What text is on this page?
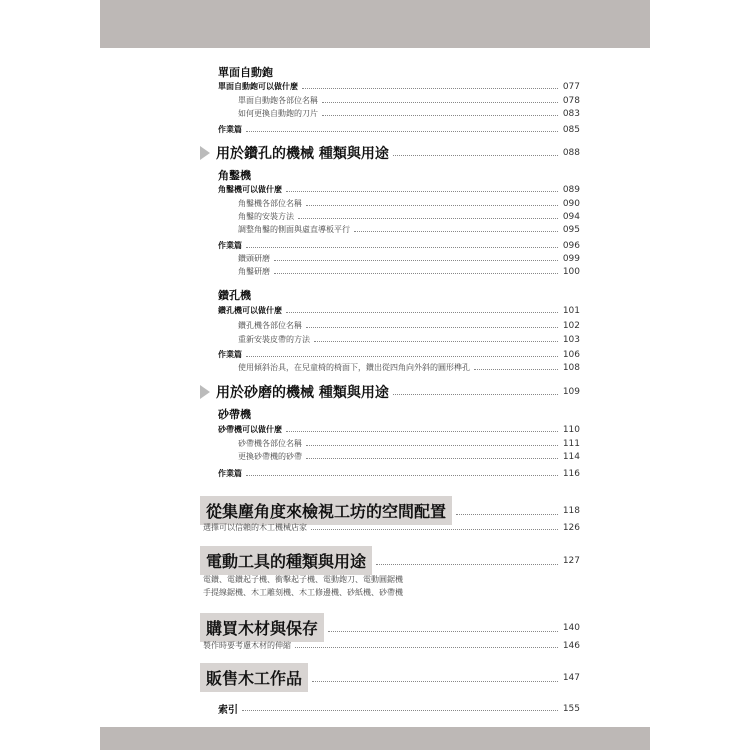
單面自動鉋
單面自動鉋可以做什麼	077
單面自動鉋各部位名稱	078
如何更換自動鉋的刀片	083
作業篇	085
用於鑽孔的機械 種類與用途	088
角鑿機
角鑿機可以做什麼	089
角鑿機各部位名稱	090
角鑿的安裝方法	094
調整角鑿的側面與虛直導板平行	095
作業篇	096
鑽頭研磨	099
角鑿研磨	100
鑽孔機
鑽孔機可以做什麼	101
鑽孔機各部位名稱	102
重新安裝皮帶的方法	103
作業篇	106
使用傾斜治具，在兒童椅的椅面下，鑽出從四角向外斜的圓形榫孔	108
用於砂磨的機械 種類與用途	109
砂帶機
砂帶機可以做什麼	110
砂帶機各部位名稱	111
更換砂帶機的砂帶	114
作業篇	116
從集塵角度來檢視工坊的空間配置	118
選擇可以信賴的木工機械店家	126
電動工具的種類與用途	127
電鑽、電鑽起子機、衝擊起子機、電動鉋刀、電動圓鋸機
手提線鋸機、木工雕刻機、木工修邊機、砂紙機、砂帶機
購買木材與保存	140
製作時要考慮木材的伸縮	146
販售木工作品	147
索引	155
